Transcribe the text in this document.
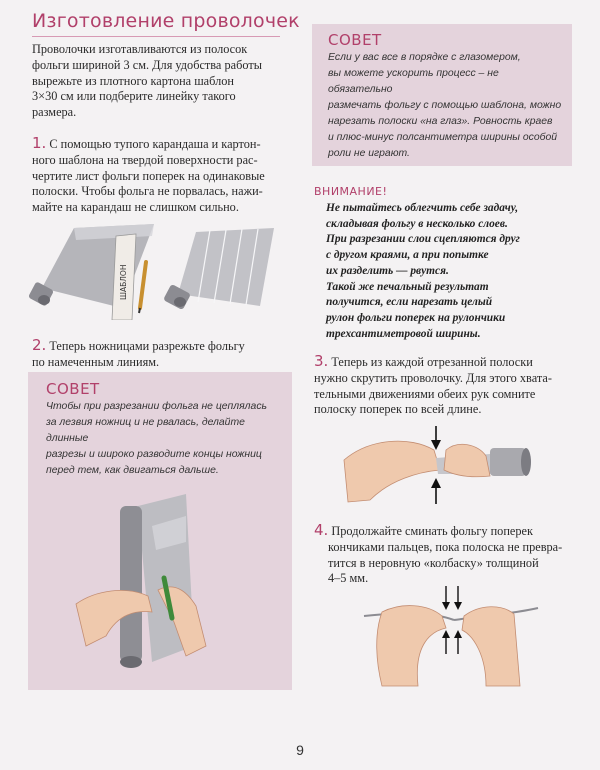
Изготовление проволочек
Проволочки изготавливаются из полосок
фольги шириной 3 см. Для удобства работы
вырежьте из плотного картона шаблон
3×30 см или подберите линейку такого
размера.
1. С помощью тупого карандаша и картон-
ного шаблона на твердой поверхности рас-
чертите лист фольги поперек на одинаковые
полоски. Чтобы фольга не порвалась, нажи-
майте на карандаш не слишком сильно.
ШАБЛОН
2. Теперь ножницами разрежьте фольгу
по намеченным линиям.
СОВЕТ
Чтобы при разрезании фольга не цеплялась
за лезвия ножниц и не рвалась, делайте длинные
разрезы и широко разводите концы ножниц
перед тем, как двигаться дальше.
СОВЕТ
Если у вас все в порядке с глазомером,
вы можете ускорить процесс – не обязательно
размечать фольгу с помощью шаблона, можно
нарезать полоски «на глаз». Ровность краев
и плюс-минус полсантиметра ширины особой
роли не играют.
ВНИМАНИЕ!
Не пытайтесь облегчить себе задачу,
складывая фольгу в несколько слоев.
При разрезании слои сцепляются друг
с другом краями, а при попытке
их разделить — рвутся.
Такой же печальный результат
получится, если нарезать целый
рулон фольги поперек на рулончики
трехсантиметровой ширины.
3. Теперь из каждой отрезанной полоски
нужно скрутить проволочку. Для этого хвата-
тельными движениями обеих рук сомните
полоску поперек по всей длине.
4. Продолжайте сминать фольгу поперек
кончиками пальцев, пока полоска не превра-
тится в неровную «колбаску» толщиной
4–5 мм.
9
